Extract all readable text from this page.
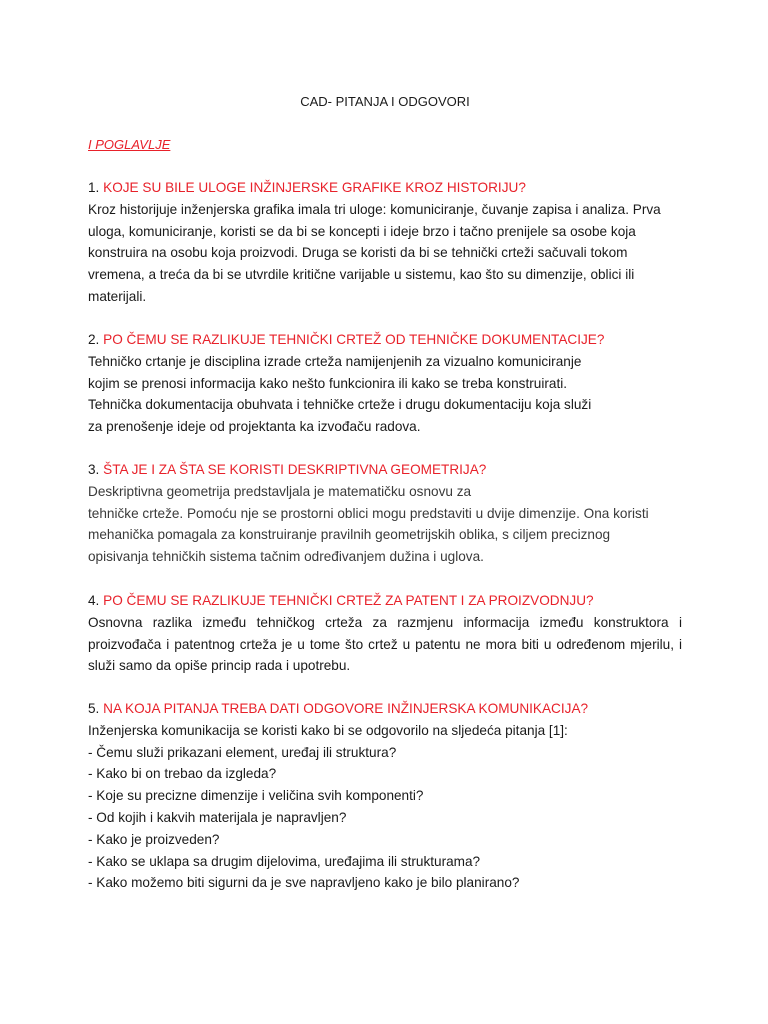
CAD- PITANJA I ODGOVORI
I POGLAVLJE
1. KOJE SU BILE ULOGE INŽINJERSKE GRAFIKE KROZ HISTORIJU?
Kroz historijuje inženjerska grafika imala tri uloge: komuniciranje, čuvanje zapisa i analiza. Prva
uloga, komuniciranje, koristi se da bi se koncepti i ideje brzo i tačno prenijele sa osobe koja
konstruira na osobu koja proizvodi. Druga se koristi da bi se tehnički crteži sačuvali tokom
vremena, a treća da bi se utvrdile kritične varijable u sistemu, kao što su dimenzije, oblici ili
materijali.
2. PO ČEMU SE RAZLIKUJE TEHNIČKI CRTEŽ OD TEHNIČKE DOKUMENTACIJE?
Tehničko crtanje je disciplina izrade crteža namijenjenih za vizualno komuniciranje
kojim se prenosi informacija kako nešto funkcionira ili kako se treba konstruirati.
Tehnička dokumentacija obuhvata i tehničke crteže i drugu dokumentaciju koja služi
za prenošenje ideje od projektanta ka izvođaču radova.
3. ŠTA JE I ZA ŠTA SE KORISTI DESKRIPTIVNA GEOMETRIJA?
Deskriptivna geometrija predstavljala je matematičku osnovu za
tehničke crteže. Pomoću nje se prostorni oblici mogu predstaviti u dvije dimenzije. Ona koristi
mehanička pomagala za konstruiranje pravilnih geometrijskih oblika, s ciljem preciznog
opisivanja tehničkih sistema tačnim određivanjem dužina i uglova.
4. PO ČEMU SE RAZLIKUJE TEHNIČKI CRTEŽ ZA PATENT I ZA PROIZVODNJU?
Osnovna razlika između tehničkog crteža za razmjenu informacija između konstruktora i
proizvođača i patentnog crteža je u tome što crtež u patentu ne mora biti u određenom mjerilu, i
služi samo da opiše princip rada i upotrebu.
5. NA KOJA PITANJA TREBA DATI ODGOVORE INŽINJERSKA KOMUNIKACIJA?
Inženjerska komunikacija se koristi kako bi se odgovorilo na sljedeća pitanja [1]:
- Čemu služi prikazani element, uređaj ili struktura?
- Kako bi on trebao da izgleda?
- Koje su precizne dimenzije i veličina svih komponenti?
- Od kojih i kakvih materijala je napravljen?
- Kako je proizveden?
- Kako se uklapa sa drugim dijelovima, uređajima ili strukturama?
- Kako možemo biti sigurni da je sve napravljeno kako je bilo planirano?
